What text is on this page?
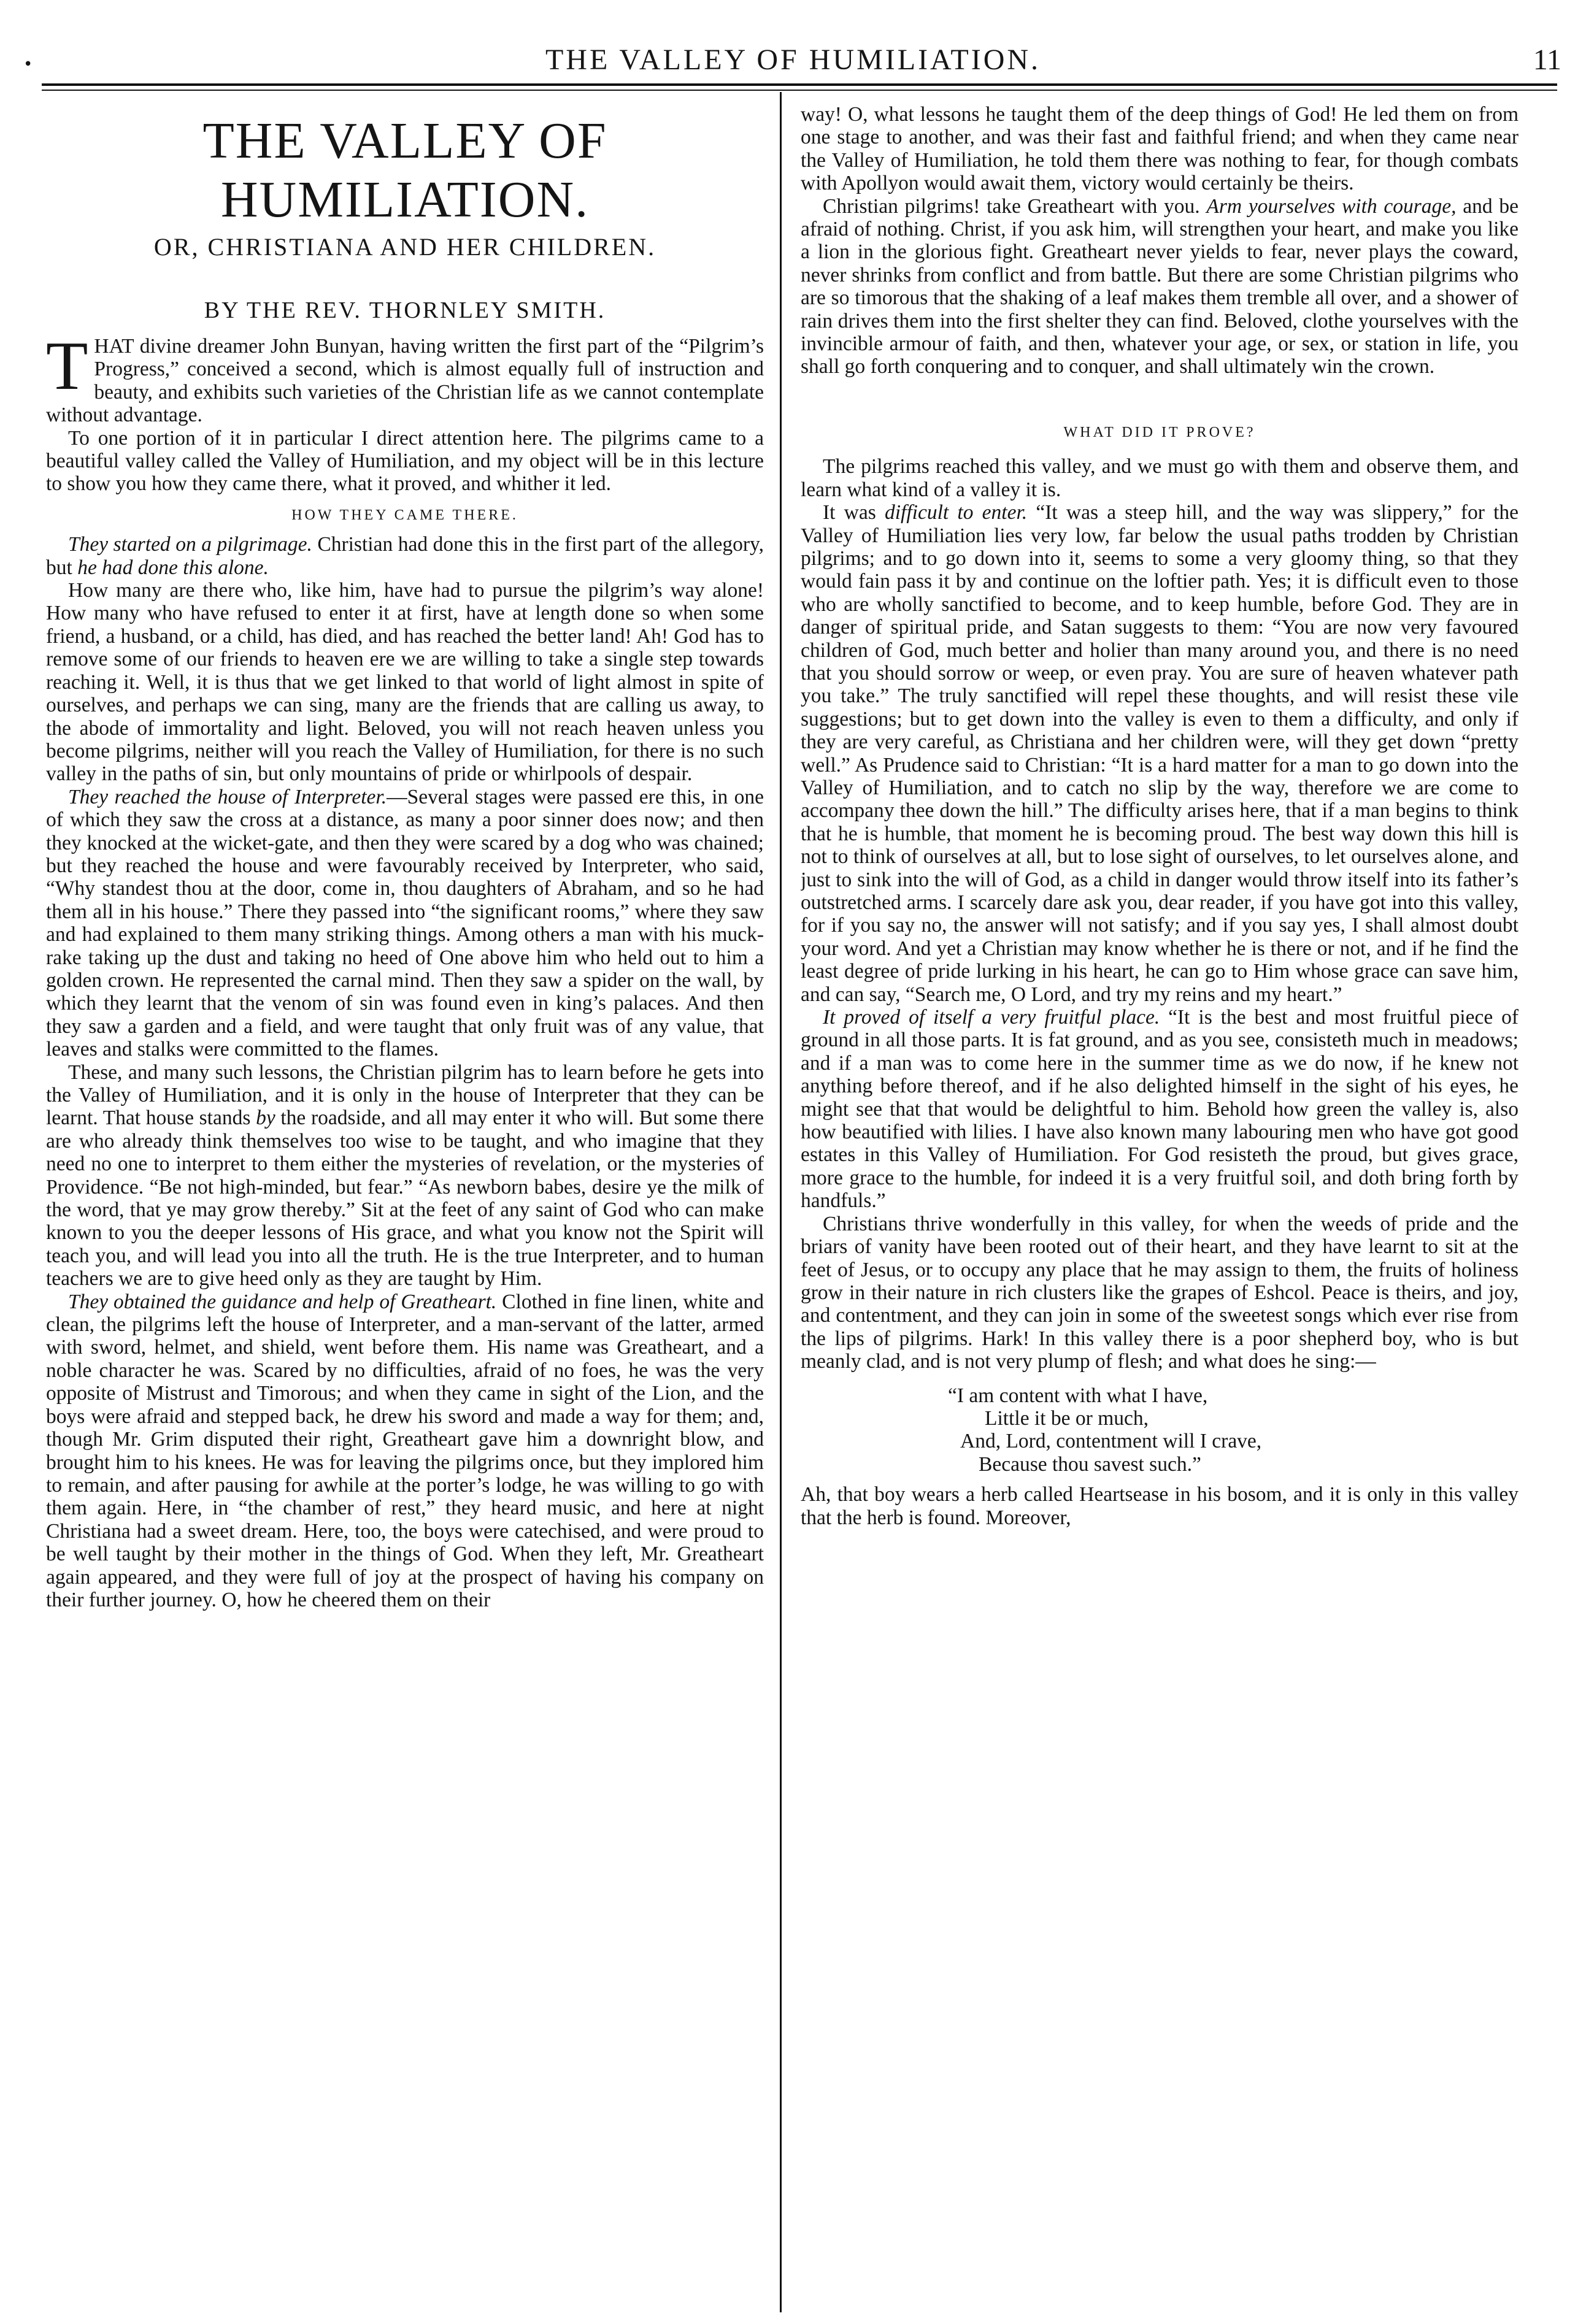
•	THE VALLEY OF HUMILIATION.	11
THE VALLEY OF HUMILIATION.
OR, CHRISTIANA AND HER CHILDREN.
BY THE REV. THORNLEY SMITH.

THAT divine dreamer John Bunyan, having written the first part of the “Pilgrim’s Progress,” conceived a second, which is almost equally full of instruction and beauty, and exhibits such varieties of the Christian life as we cannot contemplate without advantage.

To one portion of it in particular I direct attention here. The pilgrims came to a beautiful valley called the Valley of Humiliation, and my object will be in this lecture to show you how they came there, what it proved, and whither it led.

HOW THEY CAME THERE.

They started on a pilgrimage. Christian had done this in the first part of the allegory, but he had done this alone.

How many are there who, like him, have had to pursue the pilgrim’s way alone! How many who have refused to enter it at first, have at length done so when some friend, a husband, or a child, has died, and has reached the better land! Ah! God has to remove some of our friends to heaven ere we are willing to take a single step towards reaching it. Well, it is thus that we get linked to that world of light almost in spite of ourselves, and perhaps we can sing, many are the friends that are calling us away, to the abode of immortality and light. Beloved, you will not reach heaven unless you become pilgrims, neither will you reach the Valley of Humiliation, for there is no such valley in the paths of sin, but only mountains of pride or whirlpools of despair.

They reached the house of Interpreter.—Several stages were passed ere this, in one of which they saw the cross at a distance, as many a poor sinner does now; and then they knocked at the wicket-gate, and then they were scared by a dog who was chained; but they reached the house and were favourably received by Interpreter, who said, “Why standest thou at the door, come in, thou daughters of Abraham, and so he had them all in his house.” There they passed into “the significant rooms,” where they saw and had explained to them many striking things. Among others a man with his muck-rake taking up the dust and taking no heed of One above him who held out to him a golden crown. He represented the carnal mind. Then they saw a spider on the wall, by which they learnt that the venom of sin was found even in king’s palaces. And then they saw a garden and a field, and were taught that only fruit was of any value, that leaves and stalks were committed to the flames.

These, and many such lessons, the Christian pilgrim has to learn before he gets into the Valley of Humiliation, and it is only in the house of Interpreter that they can be learnt. That house stands by the roadside, and all may enter it who will. But some there are who already think themselves too wise to be taught, and who imagine that they need no one to interpret to them either the mysteries of revelation, or the mysteries of Providence. “Be not high-minded, but fear.” “As newborn babes, desire ye the milk of the word, that ye may grow thereby.” Sit at the feet of any saint of God who can make known to you the deeper lessons of His grace, and what you know not the Spirit will teach you, and will lead you into all the truth. He is the true Interpreter, and to human teachers we are to give heed only as they are taught by Him.

They obtained the guidance and help of Greatheart. Clothed in fine linen, white and clean, the pilgrims left the house of Interpreter, and a man-servant of the latter, armed with sword, helmet, and shield, went before them. His name was Greatheart, and a noble character he was. Scared by no difficulties, afraid of no foes, he was the very opposite of Mistrust and Timorous; and when they came in sight of the Lion, and the boys were afraid and stepped back, he drew his sword and made a way for them; and, though Mr. Grim disputed their right, Greatheart gave him a downright blow, and brought him to his knees. He was for leaving the pilgrims once, but they implored him to remain, and after pausing for awhile at the porter’s lodge, he was willing to go with them again. Here, in “the chamber of rest,” they heard music, and here at night Christiana had a sweet dream. Here, too, the boys were catechised, and were proud to be well taught by their mother in the things of God. When they left, Mr. Greatheart again appeared, and they were full of joy at the prospect of having his company on their further journey. O, how he cheered them on their

way! O, what lessons he taught them of the deep things of God! He led them on from one stage to another, and was their fast and faithful friend; and when they came near the Valley of Humiliation, he told them there was nothing to fear, for though combats with Apollyon would await them, victory would certainly be theirs.

Christian pilgrims! take Greatheart with you. Arm yourselves with courage, and be afraid of nothing. Christ, if you ask him, will strengthen your heart, and make you like a lion in the glorious fight. Greatheart never yields to fear, never plays the coward, never shrinks from conflict and from battle. But there are some Christian pilgrims who are so timorous that the shaking of a leaf makes them tremble all over, and a shower of rain drives them into the first shelter they can find. Beloved, clothe yourselves with the invincible armour of faith, and then, whatever your age, or sex, or station in life, you shall go forth conquering and to conquer, and shall ultimately win the crown.

WHAT DID IT PROVE?

The pilgrims reached this valley, and we must go with them and observe them, and learn what kind of a valley it is.

It was difficult to enter. “It was a steep hill, and the way was slippery,” for the Valley of Humiliation lies very low, far below the usual paths trodden by Christian pilgrims; and to go down into it, seems to some a very gloomy thing, so that they would fain pass it by and continue on the loftier path. Yes; it is difficult even to those who are wholly sanctified to become, and to keep humble, before God. They are in danger of spiritual pride, and Satan suggests to them: “You are now very favoured children of God, much better and holier than many around you, and there is no need that you should sorrow or weep, or even pray. You are sure of heaven whatever path you take.” The truly sanctified will repel these thoughts, and will resist these vile suggestions; but to get down into the valley is even to them a difficulty, and only if they are very careful, as Christiana and her children were, will they get down “pretty well.” As Prudence said to Christian: “It is a hard matter for a man to go down into the Valley of Humiliation, and to catch no slip by the way, therefore we are come to accompany thee down the hill.” The difficulty arises here, that if a man begins to think that he is humble, that moment he is becoming proud. The best way down this hill is not to think of ourselves at all, but to lose sight of ourselves, to let ourselves alone, and just to sink into the will of God, as a child in danger would throw itself into its father’s outstretched arms. I scarcely dare ask you, dear reader, if you have got into this valley, for if you say no, the answer will not satisfy; and if you say yes, I shall almost doubt your word. And yet a Christian may know whether he is there or not, and if he find the least degree of pride lurking in his heart, he can go to Him whose grace can save him, and can say, “Search me, O Lord, and try my reins and my heart.”

It proved of itself a very fruitful place. “It is the best and most fruitful piece of ground in all those parts. It is fat ground, and as you see, consisteth much in meadows; and if a man was to come here in the summer time as we do now, if he knew not anything before thereof, and if he also delighted himself in the sight of his eyes, he might see that that would be delightful to him. Behold how green the valley is, also how beautified with lilies. I have also known many labouring men who have got good estates in this Valley of Humiliation. For God resisteth the proud, but gives grace, more grace to the humble, for indeed it is a very fruitful soil, and doth bring forth by handfuls.”

Christians thrive wonderfully in this valley, for when the weeds of pride and the briars of vanity have been rooted out of their heart, and they have learnt to sit at the feet of Jesus, or to occupy any place that he may assign to them, the fruits of holiness grow in their nature in rich clusters like the grapes of Eshcol. Peace is theirs, and joy, and contentment, and they can join in some of the sweetest songs which ever rise from the lips of pilgrims. Hark! In this valley there is a poor shepherd boy, who is but meanly clad, and is not very plump of flesh; and what does he sing:—

“I am content with what I have,
Little it be or much,
And, Lord, contentment will I crave,
Because thou savest such.”

Ah, that boy wears a herb called Heartsease in his bosom, and it is only in this valley that the herb is found. Moreover,
